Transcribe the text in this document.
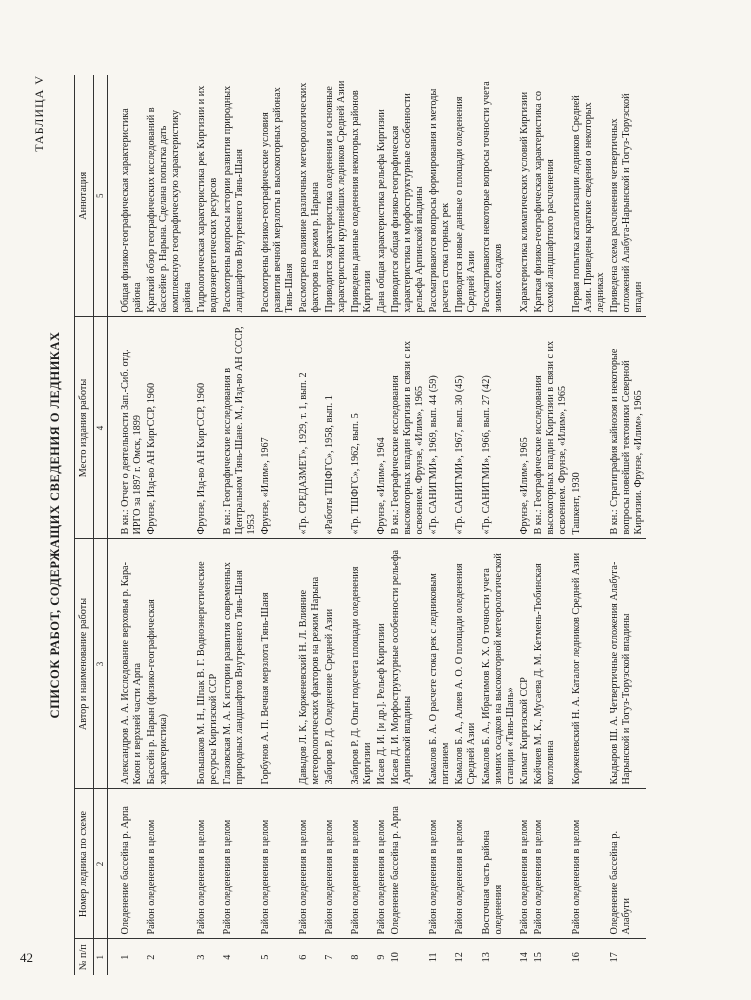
42
ТАБЛИЦА V
СПИСОК РАБОТ, СОДЕРЖАЩИХ СВЕДЕНИЯ О ЛЕДНИКАХ
№ п/п	Номер ледника по схеме	Автор и наименование работы	Место издания работы	Аннотация
1	2	3	4	5
1	Оледенение бассейна р. Арпа	Александров А. А. Исследование верховья р. Кара-Коюн и верхней части Арпа	В кн.: Отчет о деятельности Зап.-Сиб. отд. ИРГО за 1897 г. Омск, 1899	Общая физико-географическая характеристика района
2	Район оледенения в целом	Бассейн р. Нарын (физико-географическая характеристика)	Фрунзе, Изд-во АН КиргССР, 1960	Краткий обзор географических исследований в бассейне р. Нарына. Сделана попытка дать комплексную географическую характеристику района
3	Район оледенения в целом	Большаков М. Н., Шпак В. Г. Водноэнергетические ресурсы Киргизской ССР	Фрунзе, Изд-во АН КиргССР, 1960	Гидрологическая характеристика рек Киргизии и их водноэнергетических ресурсов
4	Район оледенения в целом	Глазовская М. А. К истории развития современных природных ландшафтов Внутреннего Тянь-Шаня	В кн.: Географические исследования в Центральном Тянь-Шане. М., Изд-во АН СССР, 1953	Рассмотрены вопросы истории развития природных ландшафтов Внутреннего Тянь-Шаня
5	Район оледенения в целом	Горбунов А. П. Вечная мерзлота Тянь-Шаня	Фрунзе, «Илим», 1967	Рассмотрены физико-географические условия развития вечной мерзлоты в высокогорных районах Тянь-Шаня
6	Район оледенения в целом	Давыдов Л. К., Корженевский Н. Л. Влияние метеорологических факторов на режим Нарына	«Тр. СРЕДАЗМЕТ», 1929, т. 1, вып. 2	Рассмотрено влияние различных метеорологических факторов на режим р. Нарына
7	Район оледенения в целом	Забиров Р. Д. Оледенение Средней Азии	«Работы ТШФГС», 1958, вып. 1	Приводится характеристика оледенения и основные характеристики крупнейших ледников Средней Азии
8	Район оледенения в целом	Забиров Р. Д. Опыт подсчета площади оледенения Киргизии	«Тр. ТШФГС», 1962, вып. 5	Приведены данные оледенения некоторых районов Киргизии
9	Район оледенения в целом	Исаев Д. И. [и др.]. Рельеф Киргизии	Фрунзе, «Илим», 1964	Дана общая характеристика рельефа Киргизии
10	Оледенение бассейна р. Арпа	Исаев Д. И. Морфоструктурные особенности рельефа Арпинской впадины	В кн.: Географические исследования высокогорных впадин Киргизии в связи с их освоением. Фрунзе, «Илим», 1965	Приводится общая физико-географическая характеристика и морфоструктурные особенности рельефа Арпинской впадины
11	Район оледенения в целом	Камалов Б. А. О расчете стока рек с ледниковым питанием	«Тр. САНИГМИ», 1969, вып. 44 (59)	Рассматриваются вопросы формирования и методы расчета стока горных рек
12	Район оледенения в целом	Камалов Б. А., Алиев А. О. О площади оледенения Средней Азии	«Тр. САНИГМИ», 1967, вып. 30 (45)	Приводятся новые данные о площади оледенения Средней Азии
13	Восточная часть района оледенения	Камалов Б. А., Ибрагимов К. Х. О точности учета зимних осадков на высокогорной метеорологической станции «Тянь-Шань»	«Тр. САНИГМИ», 1966, вып. 27 (42)	Рассматриваются некоторые вопросы точности учета зимних осадков
14	Район оледенения в целом	Климат Киргизской ССР	Фрунзе, «Илим», 1965	Характеристика климатических условий Киргизии
15	Район оледенения в целом	Койчиев М. К., Мусаева Д. М. Кетмень-Тюбинская котловина	В кн.: Географические исследования высокогорных впадин Киргизии в связи с их освоением. Фрунзе, «Илим», 1965	Краткая физико-географическая характеристика со схемой ландшафтного расчленения
16	Район оледенения в целом	Корженевский Н. А. Каталог ледников Средней Азии	Ташкент, 1930	Первая попытка каталогизации ледников Средней Азии. Приведены краткие сведения о некоторых ледниках
17	Оледенение бассейна р. Алабуги	Кыдыров Ш. А. Четвертичные отложения Алабуга-Нарынской и Тогуз-Торузской впадины	В кн.: Стратиграфия кайнозоя и некоторые вопросы новейшей тектоники Северной Киргизии. Фрунзе, «Илим», 1965	Приведена схема расчленения четвертичных отложений Алабуга-Нарынской и Тогуз-Торузской впадин
